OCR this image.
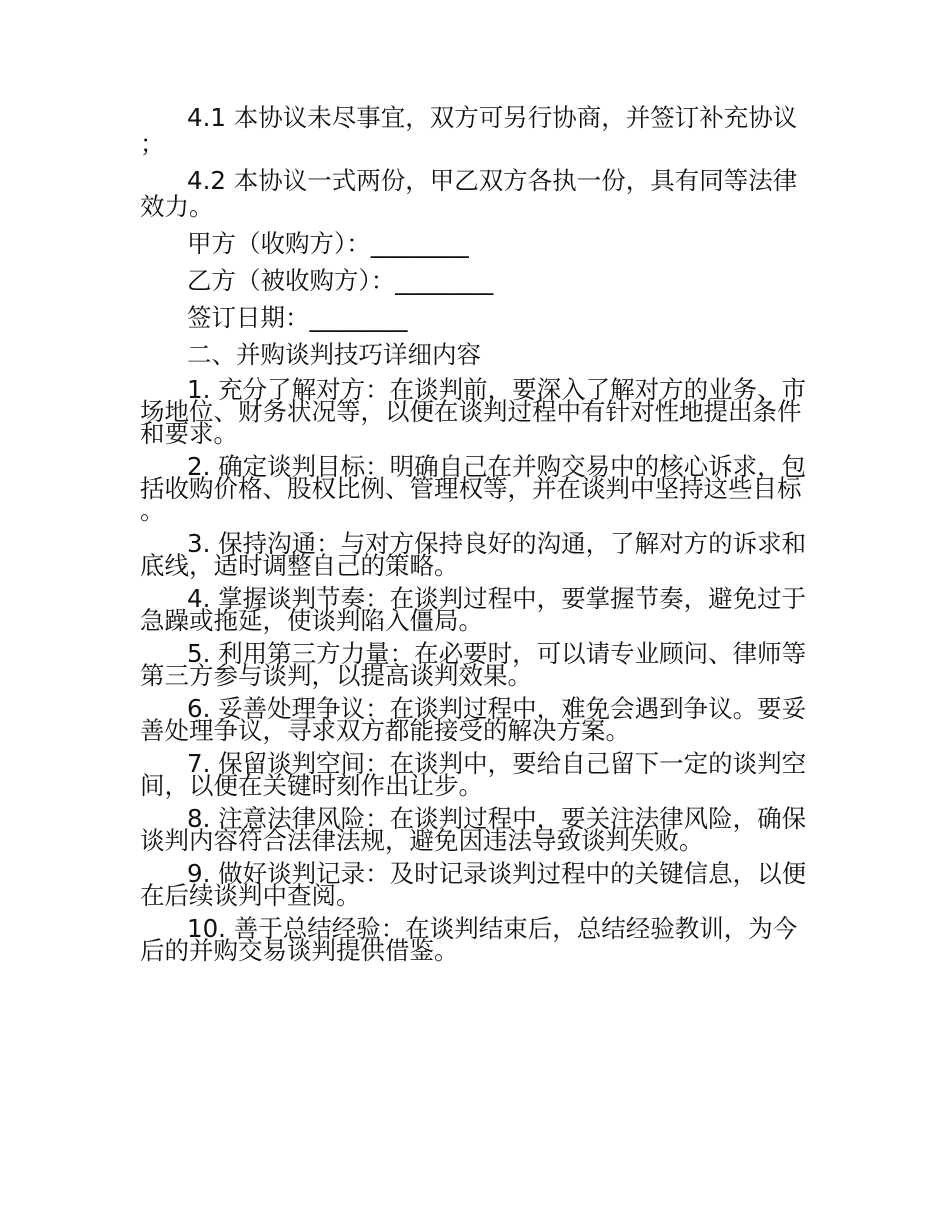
4.1 本协议未尽事宜，双方可另行协商，并签订补充协议；

4.2 本协议一式两份，甲乙双方各执一份，具有同等法律效力。

甲方（收购方）：________

乙方（被收购方）：________

签订日期：________

二、并购谈判技巧详细内容

1. 充分了解对方：在谈判前，要深入了解对方的业务、市场地位、财务状况等，以便在谈判过程中有针对性地提出条件和要求。

2. 确定谈判目标：明确自己在并购交易中的核心诉求，包括收购价格、股权比例、管理权等，并在谈判中坚持这些目标。

3. 保持沟通：与对方保持良好的沟通，了解对方的诉求和底线，适时调整自己的策略。

4. 掌握谈判节奏：在谈判过程中，要掌握节奏，避免过于急躁或拖延，使谈判陷入僵局。

5. 利用第三方力量：在必要时，可以请专业顾问、律师等第三方参与谈判，以提高谈判效果。

6. 妥善处理争议：在谈判过程中，难免会遇到争议。要妥善处理争议，寻求双方都能接受的解决方案。

7. 保留谈判空间：在谈判中，要给自己留下一定的谈判空间，以便在关键时刻作出让步。

8. 注意法律风险：在谈判过程中，要关注法律风险，确保谈判内容符合法律法规，避免因违法导致谈判失败。

9. 做好谈判记录：及时记录谈判过程中的关键信息，以便在后续谈判中查阅。

10. 善于总结经验：在谈判结束后，总结经验教训，为今后的并购交易谈判提供借鉴。
